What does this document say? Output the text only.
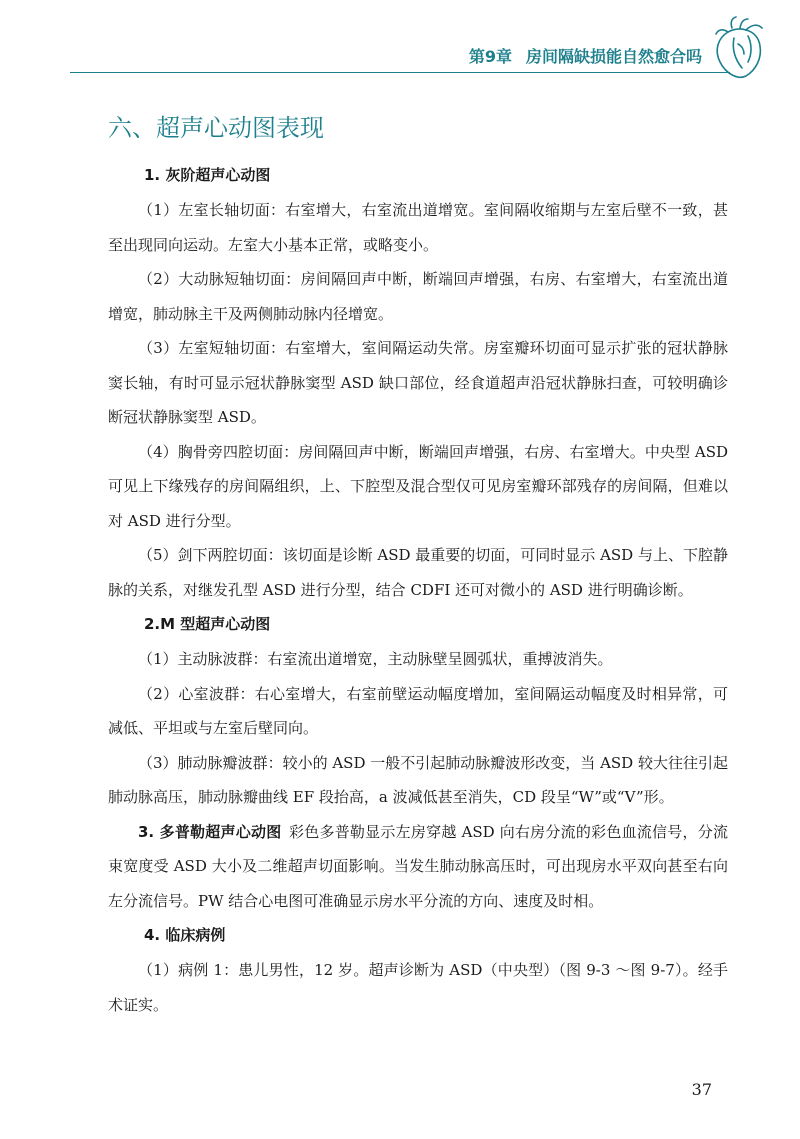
第9章 房间隔缺损能自然愈合吗
六、超声心动图表现

1. 灰阶超声心动图

（1）左室长轴切面：右室增大，右室流出道增宽。室间隔收缩期与左室后壁不一致，甚至出现同向运动。左室大小基本正常，或略变小。

（2）大动脉短轴切面：房间隔回声中断，断端回声增强，右房、右室增大，右室流出道增宽，肺动脉主干及两侧肺动脉内径增宽。

（3）左室短轴切面：右室增大，室间隔运动失常。房室瓣环切面可显示扩张的冠状静脉窦长轴，有时可显示冠状静脉窦型 ASD 缺口部位，经食道超声沿冠状静脉扫查，可较明确诊断冠状静脉窦型 ASD。

（4）胸骨旁四腔切面：房间隔回声中断，断端回声增强，右房、右室增大。中央型 ASD 可见上下缘残存的房间隔组织，上、下腔型及混合型仅可见房室瓣环部残存的房间隔，但难以对 ASD 进行分型。

（5）剑下两腔切面：该切面是诊断 ASD 最重要的切面，可同时显示 ASD 与上、下腔静脉的关系，对继发孔型 ASD 进行分型，结合 CDFI 还可对微小的 ASD 进行明确诊断。

2.M 型超声心动图

（1）主动脉波群：右室流出道增宽，主动脉壁呈圆弧状，重搏波消失。

（2）心室波群：右心室增大，右室前壁运动幅度增加，室间隔运动幅度及时相异常，可减低、平坦或与左室后壁同向。

（3）肺动脉瓣波群：较小的 ASD 一般不引起肺动脉瓣波形改变，当 ASD 较大往往引起肺动脉高压，肺动脉瓣曲线 EF 段抬高，a 波减低甚至消失，CD 段呈“W”或“V”形。

3. 多普勒超声心动图 彩色多普勒显示左房穿越 ASD 向右房分流的彩色血流信号，分流束宽度受 ASD 大小及二维超声切面影响。当发生肺动脉高压时，可出现房水平双向甚至右向左分流信号。PW 结合心电图可准确显示房水平分流的方向、速度及时相。

4. 临床病例

（1）病例 1：患儿男性，12 岁。超声诊断为 ASD（中央型）（图 9-3 ～图 9-7）。经手术证实。

37
